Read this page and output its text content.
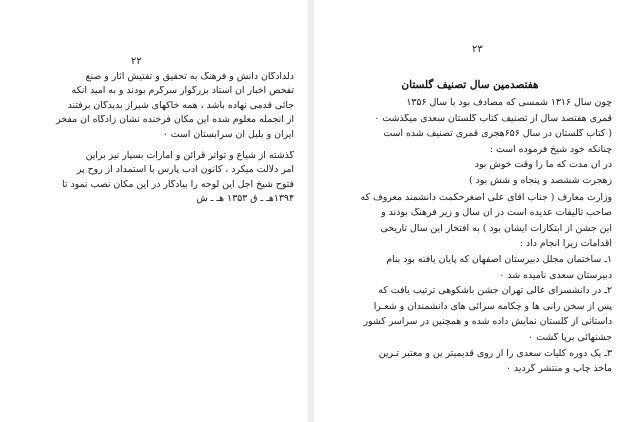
۲۲
دلدادگان دانش و فرهنگ به تحقیق و تفتیش آثار و صنع
تفحص اخبار آن استاد بزرگوار سرگرم بودند و به امید آنکه
جائی قدمی نهاده باشد ، همه خاکهای شیراز بدیدگان برفتند
از آنجمله معلوم شده این مکان فرخنده نشان زادگاه آن مفخر
ایران و بلبل آن سرابستان است ٠
گذشته از شیاع و تواتر قرائن و امارات بسیار نیز براین
امر دلالت میکرد ، کانون ادب پارس با استمداد از روح پر
فتوح شیخ اجل این لوحه را بیادگار در این مکان نصب نمود تا
۱۳۹۴هـ ـ ق ۱۳۵۳ هـ ـ ش
۲۳
هفتصدمین سال تصنیف گلستان
چون سال ۱۳۱۶ شمسی که مصادف بود با سال ۱۳۵۶
قمری هفتصد سال از تصنیف کتاب گلستان سعدی میگذشت ٠
( کتاب گلستان در سال ۶۵۶هجری قمری تصنیف شده است
چنانکه خود شیخ فرموده است :
در آن مدت که ما را وقت خوش بود
زهجرت ششصد و پنجاه و شش بود )
وزارت معارف ( جناب آقای علی اصغرحکمت دانشمند معروف که
صاحب تألیفات عدیده است در آن سال و زیر فرهنگ بودند و
این جشن از ابتکارات ایشان بود ) به افتخار این سال تاریخی
اقدامات زیرا انجام داد :
۱ـ ساختمان مجلل دبیرستان اصفهان که پایان یافته بود بنام
دبیرستان سعدی نامیده شد ٠
۲ـ در دانشسرای عالی تهران جشن باشکوهی ترتیب یافت که
پس از سخن رانی ها و چکامه سرائی های دانشمندان و شعـرا
داستانی از گلستان نمایش داده شده و همچنین در سراسر کشور
جشنهائی برپا گشت ٠
۳ـ یک دوره کلیات سعدی را از روی قدیمیتر ین و معتبر تـرین
مأخذ چاپ و منتشر گردید ٠
